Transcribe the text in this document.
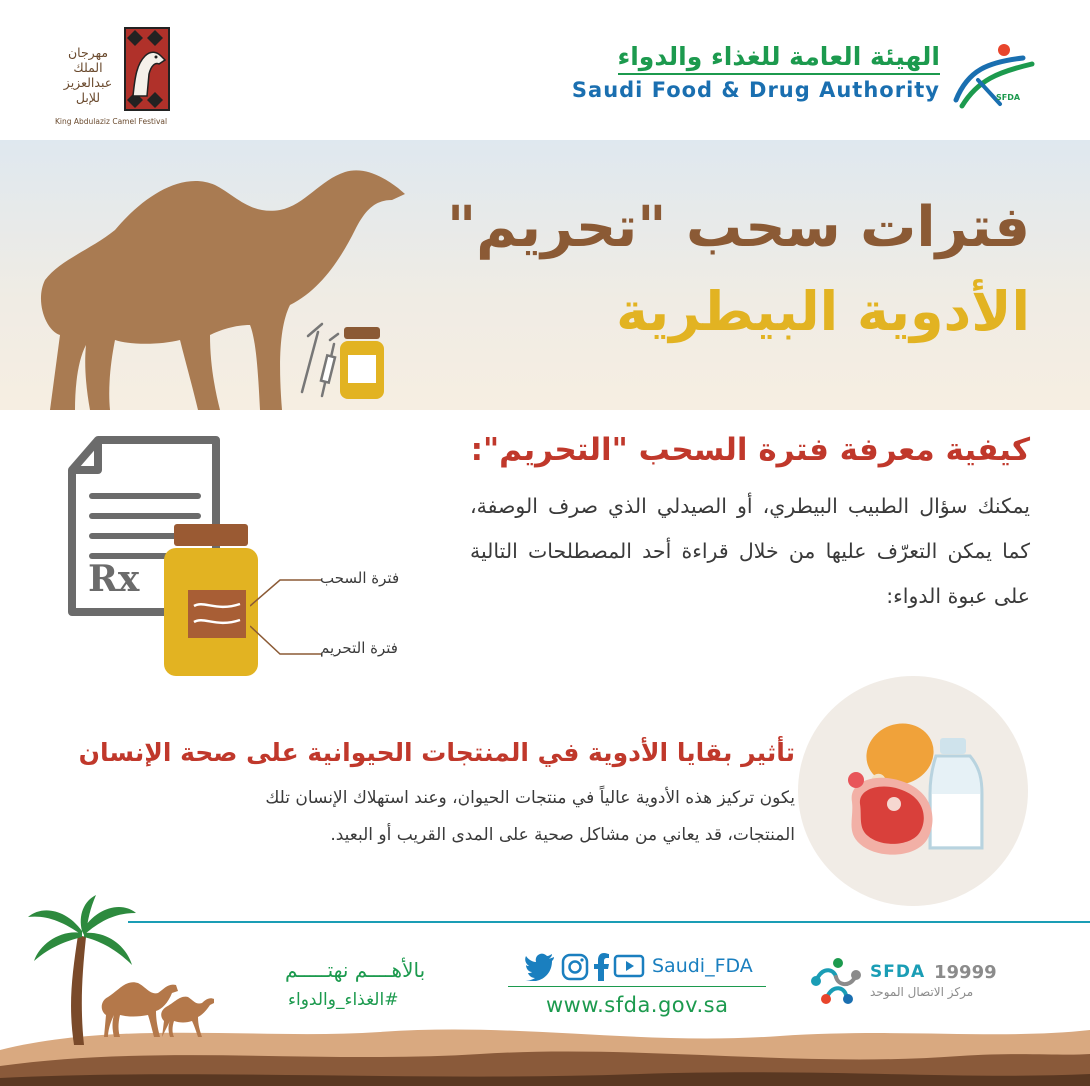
SFDA
الهيئة العامة للغذاء والدواء
Saudi Food & Drug Authority
مهرجان الملك عبدالعزيز للإبل
King Abdulaziz Camel Festival
فترات سحب "تحريم"
الأدوية البيطرية
Rx	فترة السحب
فترة التحريم
كيفية معرفة فترة السحب "التحريم":
يمكنك سؤال الطبيب البيطري، أو الصيدلي الذي صرف الوصفة، كما يمكن التعرّف عليها من خلال قراءة أحد المصطلحات التالية على عبوة الدواء:
تأثير بقايا الأدوية في المنتجات الحيوانية على صحة الإنسان
يكون تركيز هذه الأدوية عالياً في منتجات الحيوان، وعند استهلاك الإنسان تلك المنتجات، قد يعاني من مشاكل صحية على المدى القريب أو البعيد.
بالأهــــم نهتـــــم
#الغذاء_والدواء
Saudi_FDA
www.sfda.gov.sa
SFDA 19999
مركز الاتصال الموحد
